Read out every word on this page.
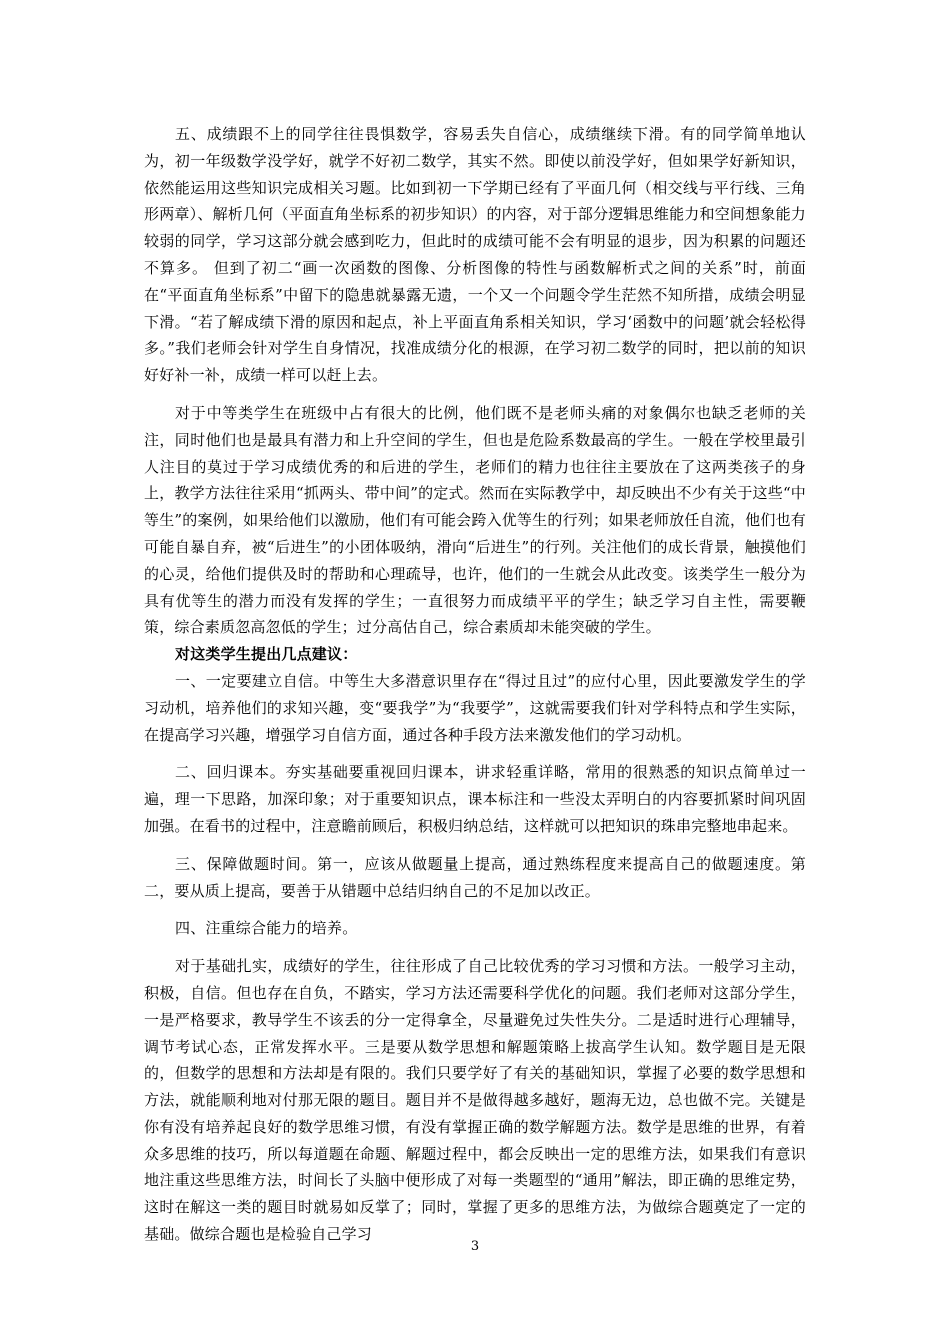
五、成绩跟不上的同学往往畏惧数学，容易丢失自信心，成绩继续下滑。有的同学简单地认为，初一年级数学没学好，就学不好初二数学，其实不然。即使以前没学好，但如果学好新知识，依然能运用这些知识完成相关习题。比如到初一下学期已经有了平面几何（相交线与平行线、三角形两章）、解析几何（平面直角坐标系的初步知识）的内容，对于部分逻辑思维能力和空间想象能力较弱的同学，学习这部分就会感到吃力，但此时的成绩可能不会有明显的退步，因为积累的问题还不算多。 但到了初二“画一次函数的图像、分析图像的特性与函数解析式之间的关系”时，前面在“平面直角坐标系”中留下的隐患就暴露无遗，一个又一个问题令学生茫然不知所措，成绩会明显下滑。“若了解成绩下滑的原因和起点，补上平面直角系相关知识，学习‘函数中的问题’就会轻松得多。”我们老师会针对学生自身情况，找准成绩分化的根源，在学习初二数学的同时，把以前的知识好好补一补，成绩一样可以赶上去。

对于中等类学生在班级中占有很大的比例，他们既不是老师头痛的对象偶尔也缺乏老师的关注，同时他们也是最具有潜力和上升空间的学生，但也是危险系数最高的学生。一般在学校里最引人注目的莫过于学习成绩优秀的和后进的学生，老师们的精力也往往主要放在了这两类孩子的身上，教学方法往往采用“抓两头、带中间”的定式。然而在实际教学中，却反映出不少有关于这些“中等生”的案例，如果给他们以激励，他们有可能会跨入优等生的行列；如果老师放任自流，他们也有可能自暴自弃，被“后进生”的小团体吸纳，滑向“后进生”的行列。关注他们的成长背景，触摸他们的心灵，给他们提供及时的帮助和心理疏导，也许，他们的一生就会从此改变。该类学生一般分为具有优等生的潜力而没有发挥的学生；一直很努力而成绩平平的学生；缺乏学习自主性，需要鞭策，综合素质忽高忽低的学生；过分高估自己，综合素质却未能突破的学生。

对这类学生提出几点建议：

一、一定要建立自信。中等生大多潜意识里存在“得过且过”的应付心里，因此要激发学生的学习动机，培养他们的求知兴趣，变“要我学”为“我要学”，这就需要我们针对学科特点和学生实际，在提高学习兴趣，增强学习自信方面，通过各种手段方法来激发他们的学习动机。

二、回归课本。夯实基础要重视回归课本，讲求轻重详略，常用的很熟悉的知识点简单过一遍，理一下思路，加深印象；对于重要知识点，课本标注和一些没太弄明白的内容要抓紧时间巩固加强。在看书的过程中，注意瞻前顾后，积极归纳总结，这样就可以把知识的珠串完整地串起来。

三、保障做题时间。第一，应该从做题量上提高，通过熟练程度来提高自己的做题速度。第二，要从质上提高，要善于从错题中总结归纳自己的不足加以改正。

四、注重综合能力的培养。

对于基础扎实，成绩好的学生，往往形成了自己比较优秀的学习习惯和方法。一般学习主动，积极，自信。但也存在自负，不踏实，学习方法还需要科学优化的问题。我们老师对这部分学生，一是严格要求，教导学生不该丢的分一定得拿全，尽量避免过失性失分。二是适时进行心理辅导，调节考试心态，正常发挥水平。三是要从数学思想和解题策略上拔高学生认知。数学题目是无限的，但数学的思想和方法却是有限的。我们只要学好了有关的基础知识，掌握了必要的数学思想和方法，就能顺利地对付那无限的题目。题目并不是做得越多越好，题海无边，总也做不完。关键是你有没有培养起良好的数学思维习惯，有没有掌握正确的数学解题方法。数学是思维的世界，有着众多思维的技巧，所以每道题在命题、解题过程中，都会反映出一定的思维方法，如果我们有意识地注重这些思维方法，时间长了头脑中便形成了对每一类题型的“通用”解法，即正确的思维定势，这时在解这一类的题目时就易如反掌了；同时，掌握了更多的思维方法，为做综合题奠定了一定的基础。做综合题也是检验自己学习

3
